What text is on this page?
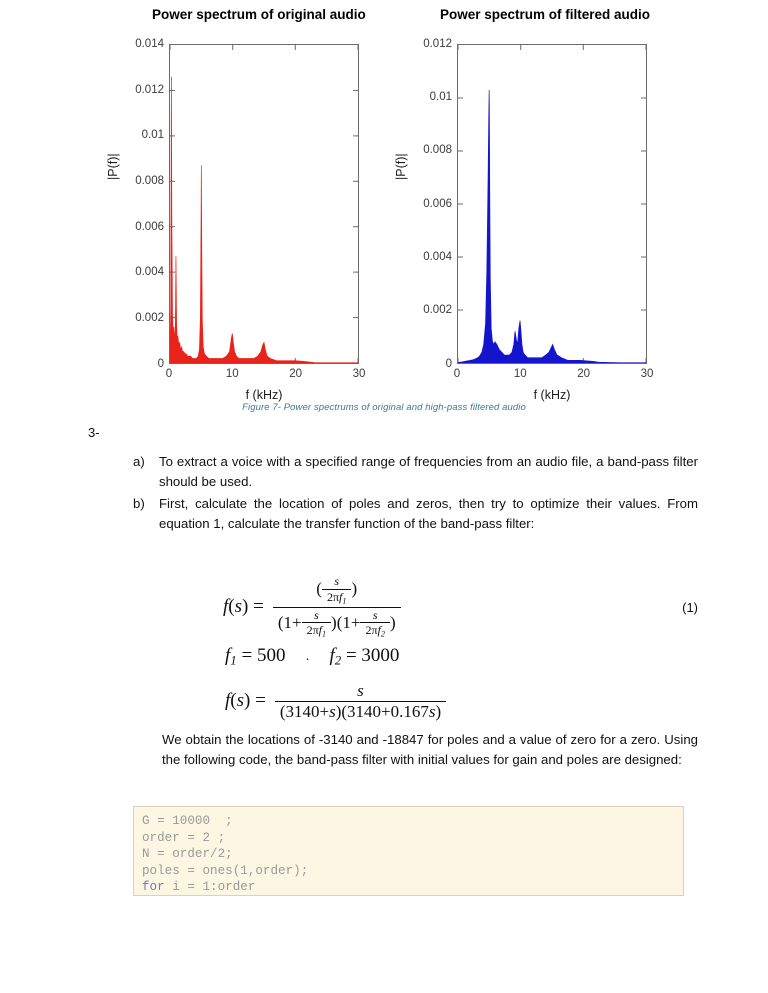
Power spectrum of original audio
0.014
0.012
0.01
0.008
0.006
0.004
0.002
0
0	10	20	30
f (kHz)
|P(f)|
Power spectrum of filtered audio
0.012
0.01
0.008
0.006
0.004
0.002
0
0	10	20	30
f (kHz)
|P(f)|
Figure 7- Power spectrums of original and high-pass filtered audio
3-
a)	To extract a voice with a specified range of frequencies from an audio file, a band-pass filter should be used.
b)	First, calculate the location of poles and zeros, then try to optimize their values. From equation 1, calculate the transfer function of the band-pass filter:
f(s) =
( $\frac{s}{2\pi f_1}$ )
$(1+ \frac{s}{2\pi f_1} )(1+ \frac{s}{2\pi f_2}$ )
(1)
$f_1 = 500$	.	$f_2 = 3000$
$f(s) = \frac{s}{(3140+s)(3140+0.167s)}$
We obtain the locations of -3140 and -18847 for poles and a value of zero for a zero. Using the following code, the band-pass filter with initial values for gain and poles are designed:
G = 10000  ;
order = 2 ;
N = order/2;
poles = ones(1,order);
for i = 1:order
